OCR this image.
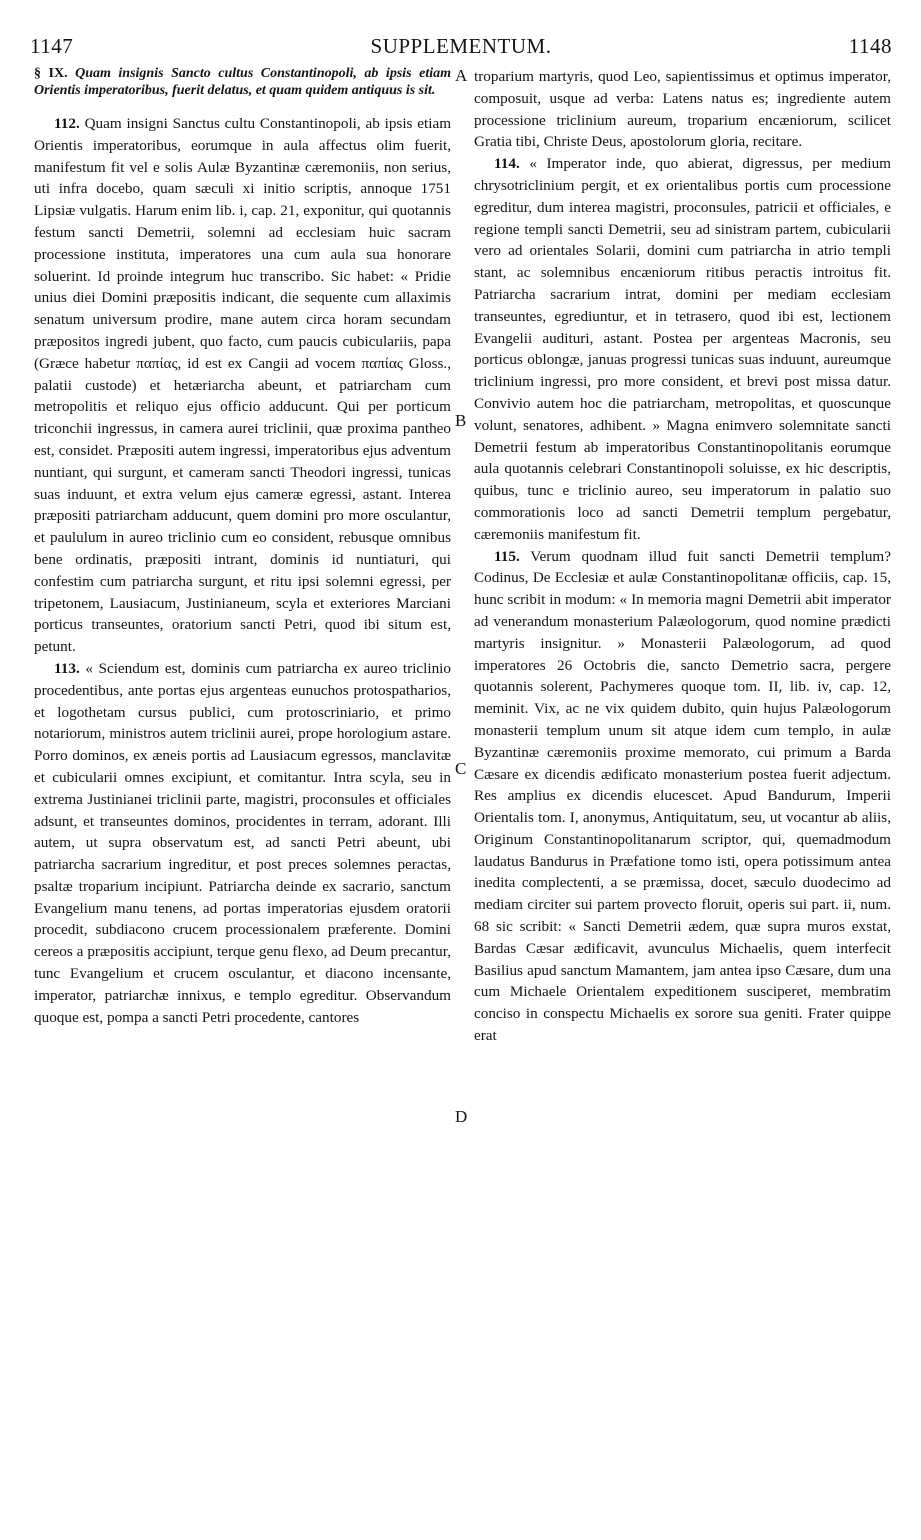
1147	SUPPLEMENTUM.	1148

§ IX. Quam insignis Sancto cultus Constantinopoli, ab ipsis etiam Orientis imperatoribus, fuerit delatus, et quam quidem antiquus is sit.

112. Quam insigni Sanctus cultu Constantinopoli, ab ipsis etiam Orientis imperatoribus, eorumque in aula affectus olim fuerit, manifestum fit vel e solis Aulæ Byzantinæ cæremoniis, non serius, uti infra docebo, quam sæculi xi initio scriptis, annoque 1751 Lipsiæ vulgatis. Harum enim lib. i, cap. 21, exponitur, qui quotannis festum sancti Demetrii, solemni ad ecclesiam huic sacram processione instituta, imperatores una cum aula sua honorare soluerint. Id proinde integrum huc transcribo. Sic habet: « Pridie unius diei Domini præpositis indicant, die sequente cum allaximis senatum universum prodire, mane autem circa horam secundam præpositos ingredi jubent, quo facto, cum paucis cubiculariis, papa (Græce habetur παπίας, id est ex Cangii ad vocem παπίας Gloss., palatii custode) et hetæriarcha abeunt, et patriarcham cum metropolitis et reliquo ejus officio adducunt. Qui per porticum triconchii ingressus, in camera aurei triclinii, quæ proxima pantheo est, considet. Præpositi autem ingressi, imperatoribus ejus adventum nuntiant, qui surgunt, et cameram sancti Theodori ingressi, tunicas suas induunt, et extra velum ejus cameræ egressi, astant. Interea præpositi patriarcham adducunt, quem domini pro more osculantur, et paululum in aureo triclinio cum eo consident, rebusque omnibus bene ordinatis, præpositi intrant, dominis id nuntiaturi, qui confestim cum patriarcha surgunt, et ritu ipsi solemni egressi, per tripetonem, Lausiacum, Justinianeum, scyla et exteriores Marciani porticus transeuntes, oratorium sancti Petri, quod ibi situm est, petunt.

113. « Sciendum est, dominis cum patriarcha ex aureo triclinio procedentibus, ante portas ejus argenteas eunuchos protospatharios, et logothetam cursus publici, cum protoscriniario, et primo notariorum, ministros autem triclinii aurei, prope horologium astare. Porro dominos, ex æneis portis ad Lausiacum egressos, manclavitæ et cubicularii omnes excipiunt, et comitantur. Intra scyla, seu in extrema Justinianei triclinii parte, magistri, proconsules et officiales adsunt, et transeuntes dominos, procidentes in terram, adorant. Illi autem, ut supra observatum est, ad sancti Petri abeunt, ubi patriarcha sacrarium ingreditur, et post preces solemnes peractas, psaltæ troparium incipiunt. Patriarcha deinde ex sacrario, sanctum Evangelium manu tenens, ad portas imperatorias ejusdem oratorii procedit, subdiacono crucem processionalem præferente. Domini cereos a præpositis accipiunt, terque genu flexo, ad Deum precantur, tunc Evangelium et crucem osculantur, et diacono incensante, imperator, patriarchæ innixus, e templo egreditur. Observandum quoque est, pompa a sancti Petri procedente, cantores

A
B
C
D

troparium martyris, quod Leo, sapientissimus et optimus imperator, composuit, usque ad verba: Latens natus es; ingrediente autem processione triclinium aureum, troparium encæniorum, scilicet Gratia tibi, Christe Deus, apostolorum gloria, recitare.

114. « Imperator inde, quo abierat, digressus, per medium chrysotriclinium pergit, et ex orientalibus portis cum processione egreditur, dum interea magistri, proconsules, patricii et officiales, e regione templi sancti Demetrii, seu ad sinistram partem, cubicularii vero ad orientales Solarii, domini cum patriarcha in atrio templi stant, ac solemnibus encæniorum ritibus peractis introitus fit. Patriarcha sacrarium intrat, domini per mediam ecclesiam transeuntes, egrediuntur, et in tetrasero, quod ibi est, lectionem Evangelii audituri, astant. Postea per argenteas Macronis, seu porticus oblongæ, januas progressi tunicas suas induunt, aureumque triclinium ingressi, pro more consident, et brevi post missa datur. Convivio autem hoc die patriarcham, metropolitas, et quoscunque volunt, senatores, adhibent. » Magna enimvero solemnitate sancti Demetrii festum ab imperatoribus Constantinopolitanis eorumque aula quotannis celebrari Constantinopoli soluisse, ex hic descriptis, quibus, tunc e triclinio aureo, seu imperatorum in palatio suo commorationis loco ad sancti Demetrii templum pergebatur, cæremoniis manifestum fit.

115. Verum quodnam illud fuit sancti Demetrii templum? Codinus, De Ecclesiæ et aulæ Constantinopolitanæ officiis, cap. 15, hunc scribit in modum: « In memoria magni Demetrii abit imperator ad venerandum monasterium Palæologorum, quod nomine prædicti martyris insignitur. » Monasterii Palæologorum, ad quod imperatores 26 Octobris die, sancto Demetrio sacra, pergere quotannis solerent, Pachymeres quoque tom. II, lib. iv, cap. 12, meminit. Vix, ac ne vix quidem dubito, quin hujus Palæologorum monasterii templum unum sit atque idem cum templo, in aulæ Byzantinæ cæremoniis proxime memorato, cui primum a Barda Cæsare ex dicendis ædificato monasterium postea fuerit adjectum. Res amplius ex dicendis elucescet. Apud Bandurum, Imperii Orientalis tom. I, anonymus, Antiquitatum, seu, ut vocantur ab aliis, Originum Constantinopolitanarum scriptor, qui, quemadmodum laudatus Bandurus in Præfatione tomo isti, opera potissimum antea inedita complectenti, a se præmissa, docet, sæculo duodecimo ad mediam circiter sui partem provecto floruit, operis sui part. ii, num. 68 sic scribit: « Sancti Demetrii ædem, quæ supra muros exstat, Bardas Cæsar ædificavit, avunculus Michaelis, quem interfecit Basilius apud sanctum Mamantem, jam antea ipso Cæsare, dum una cum Michaele Orientalem expeditionem susciperet, membratim conciso in conspectu Michaelis ex sorore sua geniti. Frater quippe erat
